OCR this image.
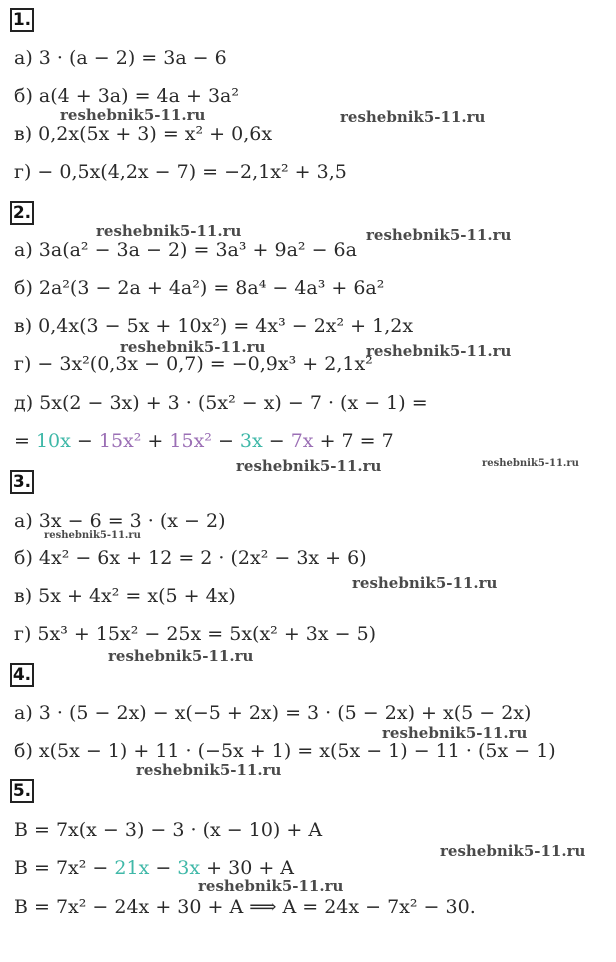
1.
а) 3 · (a − 2) = 3a − 6
б) a(4 + 3a) = 4a + 3a²
в) 0,2x(5x + 3) = x² + 0,6x
г) − 0,5x(4,2x − 7) = −2,1x² + 3,5
2.
а) 3a(a² − 3a − 2) = 3a³ + 9a² − 6a
б) 2a²(3 − 2a + 4a²) = 8a⁴ − 4a³ + 6a²
в) 0,4x(3 − 5x + 10x²) = 4x³ − 2x² + 1,2x
г) − 3x²(0,3x − 0,7) = −0,9x³ + 2,1x²
д) 5x(2 − 3x) + 3 · (5x² − x) − 7 · (x − 1) =
= 10x − 15x² + 15x² − 3x − 7x + 7 = 7
3.
а) 3x − 6 = 3 · (x − 2)
б) 4x² − 6x + 12 = 2 · (2x² − 3x + 6)
в) 5x + 4x² = x(5 + 4x)
г) 5x³ + 15x² − 25x = 5x(x² + 3x − 5)
4.
а) 3 · (5 − 2x) − x(−5 + 2x) = 3 · (5 − 2x) + x(5 − 2x)
б) x(5x − 1) + 11 · (−5x + 1) = x(5x − 1) − 11 · (5x − 1)
5.
B = 7x(x − 3) − 3 · (x − 10) + A
B = 7x² − 21x − 3x + 30 + A
B = 7x² − 24x + 30 + A ⟹ A = 24x − 7x² − 30.
reshebnik5-11.ru	reshebnik5-11.ru
reshebnik5-11.ru	reshebnik5-11.ru
reshebnik5-11.ru	reshebnik5-11.ru
reshebnik5-11.ru	reshebnik5-11.ru
reshebnik5-11.ru
reshebnik5-11.ru
reshebnik5-11.ru
reshebnik5-11.ru
reshebnik5-11.ru
reshebnik5-11.ru
reshebnik5-11.ru
